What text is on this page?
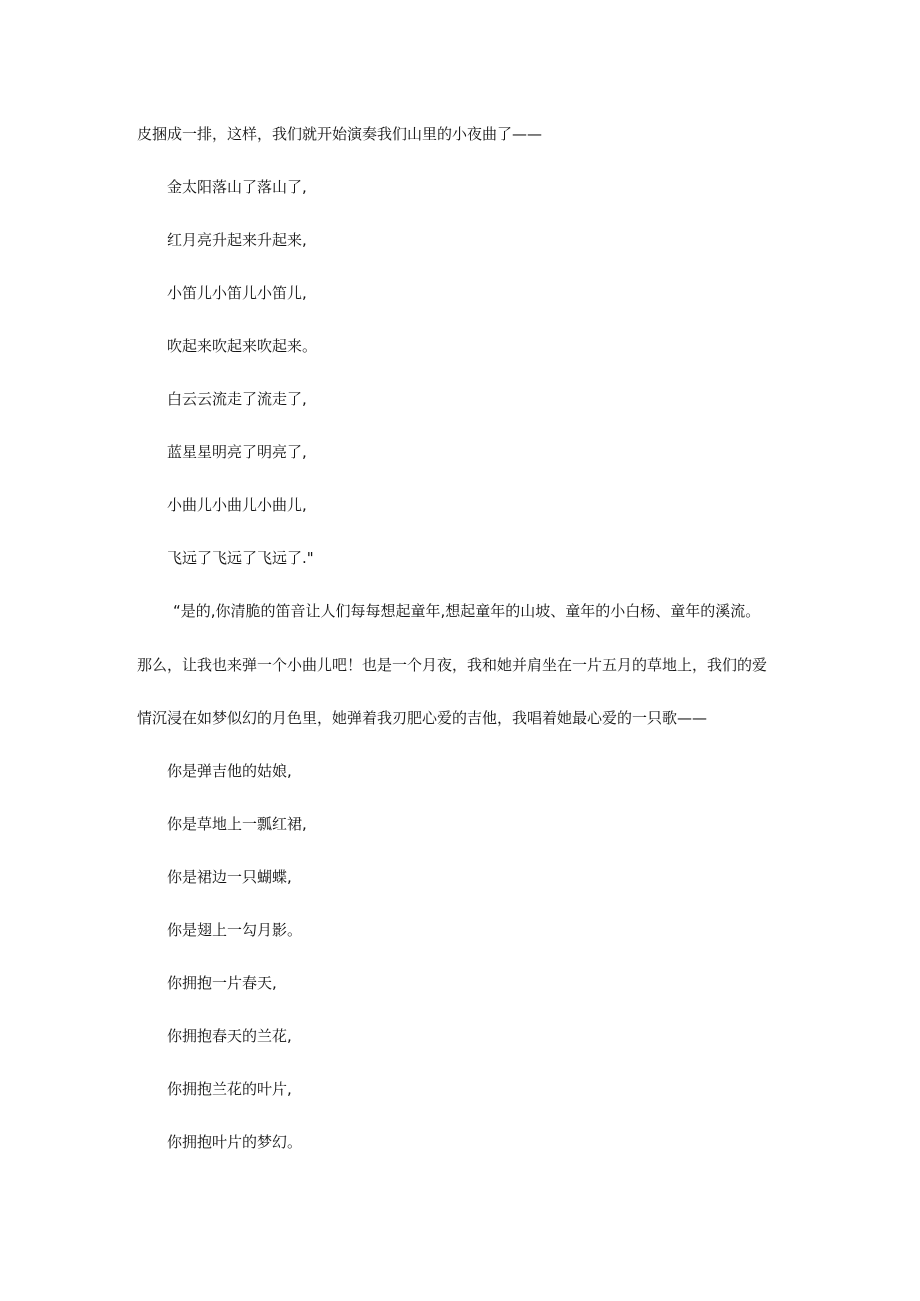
皮捆成一排，这样，我们就开始演奏我们山里的小夜曲了——
金太阳落山了落山了,
红月亮升起来升起来,
小笛儿小笛儿小笛儿,
吹起来吹起来吹起来。
白云云流走了流走了,
蓝星星明亮了明亮了,
小曲儿小曲儿小曲儿,
飞远了飞远了飞远了."
“是的,你清脆的笛音让人们每每想起童年,想起童年的山坡、童年的小白杨、童年的溪流。
那么，让我也来弹一个小曲儿吧！也是一个月夜，我和她并肩坐在一片五月的草地上，我们的爱
情沉浸在如梦似幻的月色里，她弹着我刃肥心爱的吉他，我唱着她最心爱的一只歌——
你是弹吉他的姑娘,
你是草地上一瓢红裙,
你是裙边一只蝴蝶,
你是翅上一勾月影。
你拥抱一片春天,
你拥抱春天的兰花,
你拥抱兰花的叶片,
你拥抱叶片的梦幻。
